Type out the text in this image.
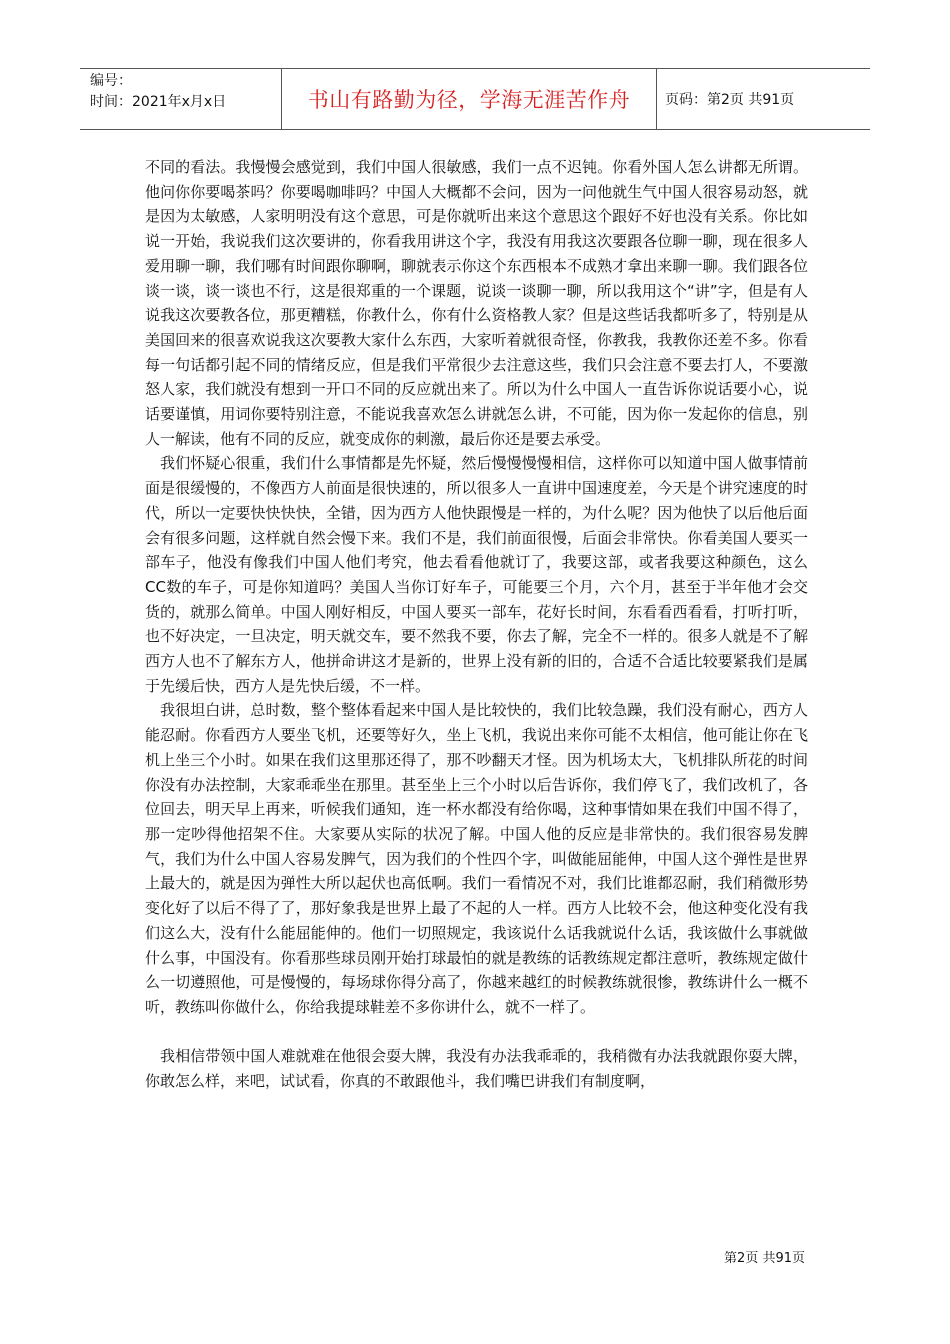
编号：
时间：2021年x月x日	书山有路勤为径，学海无涯苦作舟 页码：第2页 共91页

不同的看法。我慢慢会感觉到，我们中国人很敏感，我们一点不迟钝。你看外国人怎么讲都无所谓。他问你你要喝茶吗？你要喝咖啡吗？中国人大概都不会问，因为一问他就生气中国人很容易动怒，就是因为太敏感，人家明明没有这个意思，可是你就听出来这个意思这个跟好不好也没有关系。你比如说一开始，我说我们这次要讲的，你看我用讲这个字，我没有用我这次要跟各位聊一聊，现在很多人爱用聊一聊，我们哪有时间跟你聊啊，聊就表示你这个东西根本不成熟才拿出来聊一聊。我们跟各位谈一谈，谈一谈也不行，这是很郑重的一个课题，说谈一谈聊一聊，所以我用这个“讲”字，但是有人说我这次要教各位，那更糟糕，你教什么，你有什么资格教人家？但是这些话我都听多了，特别是从美国回来的很喜欢说我这次要教大家什么东西，大家听着就很奇怪，你教我，我教你还差不多。你看每一句话都引起不同的情绪反应，但是我们平常很少去注意这些，我们只会注意不要去打人，不要激怒人家，我们就没有想到一开口不同的反应就出来了。所以为什么中国人一直告诉你说话要小心，说话要谨慎，用词你要特别注意，不能说我喜欢怎么讲就怎么讲，不可能，因为你一发起你的信息，别人一解读，他有不同的反应，就变成你的刺激，最后你还是要去承受。

我们怀疑心很重，我们什么事情都是先怀疑，然后慢慢慢慢相信，这样你可以知道中国人做事情前面是很缓慢的，不像西方人前面是很快速的，所以很多人一直讲中国速度差，今天是个讲究速度的时代，所以一定要快快快快，全错，因为西方人他快跟慢是一样的，为什么呢？因为他快了以后他后面会有很多问题，这样就自然会慢下来。我们不是，我们前面很慢，后面会非常快。你看美国人要买一部车子，他没有像我们中国人他们考究，他去看看他就订了，我要这部，或者我要这种颜色，这么CC数的车子，可是你知道吗？美国人当你订好车子，可能要三个月，六个月，甚至于半年他才会交货的，就那么简单。中国人刚好相反，中国人要买一部车，花好长时间，东看看西看看，打听打听，也不好决定，一旦决定，明天就交车，要不然我不要，你去了解，完全不一样的。很多人就是不了解西方人也不了解东方人，他拼命讲这才是新的，世界上没有新的旧的，合适不合适比较要紧我们是属于先缓后快，西方人是先快后缓，不一样。

我很坦白讲，总时数，整个整体看起来中国人是比较快的，我们比较急躁，我们没有耐心，西方人能忍耐。你看西方人要坐飞机，还要等好久，坐上飞机，我说出来你可能不太相信，他可能让你在飞机上坐三个小时。如果在我们这里那还得了，那不吵翻天才怪。因为机场太大，飞机排队所花的时间你没有办法控制，大家乖乖坐在那里。甚至坐上三个小时以后告诉你，我们停飞了，我们改机了，各位回去，明天早上再来，听候我们通知，连一杯水都没有给你喝，这种事情如果在我们中国不得了，那一定吵得他招架不住。大家要从实际的状况了解。中国人他的反应是非常快的。我们很容易发脾气，我们为什么中国人容易发脾气，因为我们的个性四个字，叫做能屈能伸，中国人这个弹性是世界上最大的，就是因为弹性大所以起伏也高低啊。我们一看情况不对，我们比谁都忍耐，我们稍微形势变化好了以后不得了了，那好象我是世界上最了不起的人一样。西方人比较不会，他这种变化没有我们这么大，没有什么能屈能伸的。他们一切照规定，我该说什么话我就说什么话，我该做什么事就做什么事，中国没有。你看那些球员刚开始打球最怕的就是教练的话教练规定都注意听，教练规定做什么一切遵照他，可是慢慢的，每场球你得分高了，你越来越红的时候教练就很惨，教练讲什么一概不听，教练叫你做什么，你给我提球鞋差不多你讲什么，就不一样了。

我相信带领中国人难就难在他很会耍大牌，我没有办法我乖乖的，我稍微有办法我就跟你耍大牌，你敢怎么样，来吧，试试看，你真的不敢跟他斗，我们嘴巴讲我们有制度啊，

第2页 共91页
